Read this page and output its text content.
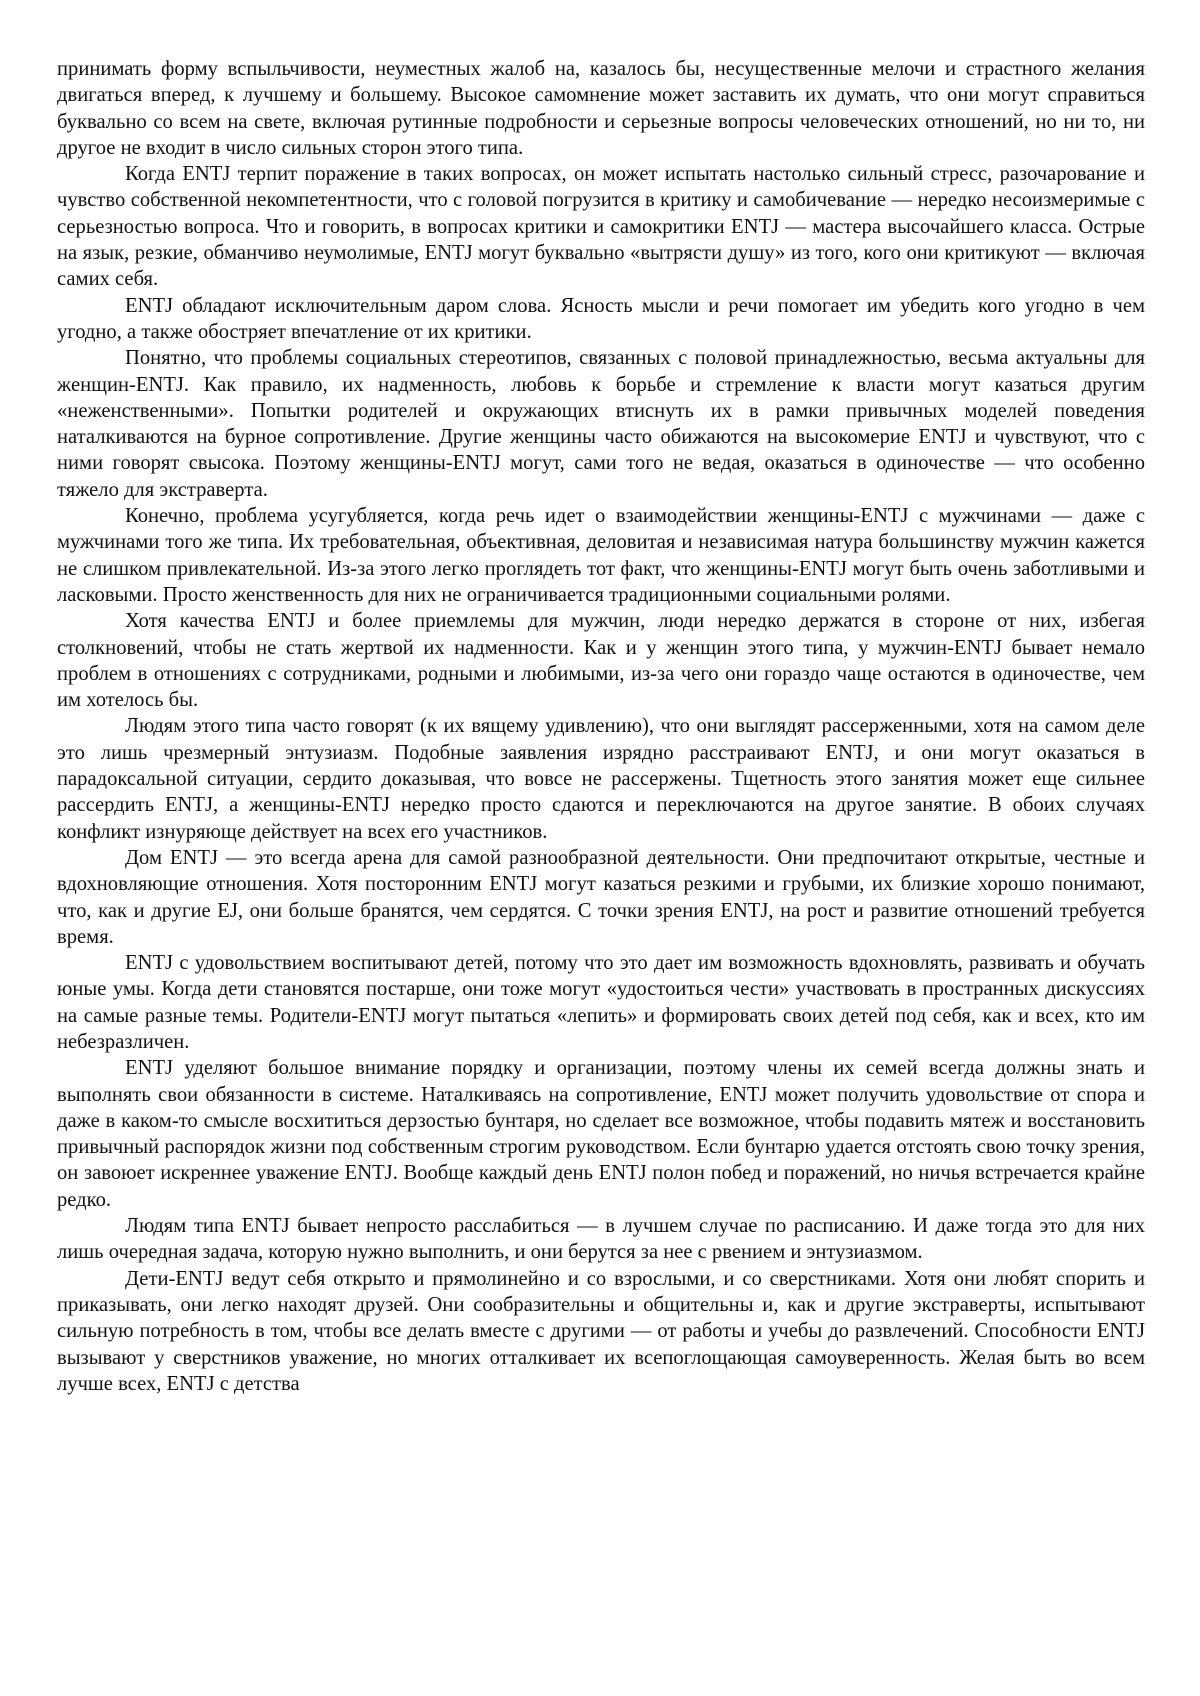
принимать форму вспыльчивости, неуместных жалоб на, казалось бы, несущественные мелочи и страстного желания двигаться вперед, к лучшему и большему. Высокое самомнение может заставить их думать, что они могут справиться буквально со всем на свете, включая рутинные подробности и серьезные вопросы человеческих отношений, но ни то, ни другое не входит в число сильных сторон этого типа.

Когда ENTJ терпит поражение в таких вопросах, он может испытать настолько сильный стресс, разочарование и чувство собственной некомпетентности, что с головой погрузится в критику и самобичевание — нередко несоизмеримые с серьезностью вопроса. Что и говорить, в вопросах критики и самокритики ENTJ — мастера высочайшего класса. Острые на язык, резкие, обманчиво неумолимые, ENTJ могут буквально «вытрясти душу» из того, кого они критикуют — включая самих себя.

ENTJ обладают исключительным даром слова. Ясность мысли и речи помогает им убедить кого угодно в чем угодно, а также обостряет впечатление от их критики.

Понятно, что проблемы социальных стереотипов, связанных с половой принадлежностью, весьма актуальны для женщин-ENTJ. Как правило, их надменность, любовь к борьбе и стремление к власти могут казаться другим «неженственными». Попытки родителей и окружающих втиснуть их в рамки привычных моделей поведения наталкиваются на бурное сопротивление. Другие женщины часто обижаются на высокомерие ENTJ и чувствуют, что с ними говорят свысока. Поэтому женщины-ENTJ могут, сами того не ведая, оказаться в одиночестве — что особенно тяжело для экстраверта.

Конечно, проблема усугубляется, когда речь идет о взаимодействии женщины-ENTJ с мужчинами — даже с мужчинами того же типа. Их требовательная, объективная, деловитая и независимая натура большинству мужчин кажется не слишком привлекательной. Из-за этого легко проглядеть тот факт, что женщины-ENTJ могут быть очень заботливыми и ласковыми. Просто женственность для них не ограничивается традиционными социальными ролями.

Хотя качества ENTJ и более приемлемы для мужчин, люди нередко держатся в стороне от них, избегая столкновений, чтобы не стать жертвой их надменности. Как и у женщин этого типа, у мужчин-ENTJ бывает немало проблем в отношениях с сотрудниками, родными и любимыми, из-за чего они гораздо чаще остаются в одиночестве, чем им хотелось бы.

Людям этого типа часто говорят (к их вящему удивлению), что они выглядят рассерженными, хотя на самом деле это лишь чрезмерный энтузиазм. Подобные заявления изрядно расстраивают ENTJ, и они могут оказаться в парадоксальной ситуации, сердито доказывая, что вовсе не рассержены. Тщетность этого занятия может еще сильнее рассердить ENTJ, а женщины-ENTJ нередко просто сдаются и переключаются на другое занятие. В обоих случаях конфликт изнуряюще действует на всех его участников.

Дом ENTJ — это всегда арена для самой разнообразной деятельности. Они предпочитают открытые, честные и вдохновляющие отношения. Хотя посторонним ENTJ могут казаться резкими и грубыми, их близкие хорошо понимают, что, как и другие EJ, они больше бранятся, чем сердятся. С точки зрения ENTJ, на рост и развитие отношений требуется время.

ENTJ с удовольствием воспитывают детей, потому что это дает им возможность вдохновлять, развивать и обучать юные умы. Когда дети становятся постарше, они тоже могут «удостоиться чести» участвовать в пространных дискуссиях на самые разные темы. Родители-ENTJ могут пытаться «лепить» и формировать своих детей под себя, как и всех, кто им небезразличен.

ENTJ уделяют большое внимание порядку и организации, поэтому члены их семей всегда должны знать и выполнять свои обязанности в системе. Наталкиваясь на сопротивление, ENTJ может получить удовольствие от спора и даже в каком-то смысле восхититься дерзостью бунтаря, но сделает все возможное, чтобы подавить мятеж и восстановить привычный распорядок жизни под собственным строгим руководством. Если бунтарю удается отстоять свою точку зрения, он завоюет искреннее уважение ENTJ. Вообще каждый день ENTJ полон побед и поражений, но ничья встречается крайне редко.

Людям типа ENTJ бывает непросто расслабиться — в лучшем случае по расписанию. И даже тогда это для них лишь очередная задача, которую нужно выполнить, и они берутся за нее с рвением и энтузиазмом.

Дети-ENTJ ведут себя открыто и прямолинейно и со взрослыми, и со сверстниками. Хотя они любят спорить и приказывать, они легко находят друзей. Они сообразительны и общительны и, как и другие экстраверты, испытывают сильную потребность в том, чтобы все делать вместе с другими — от работы и учебы до развлечений. Способности ENTJ вызывают у сверстников уважение, но многих отталкивает их всепоглощающая самоуверенность. Желая быть во всем лучше всех, ENTJ с детства
